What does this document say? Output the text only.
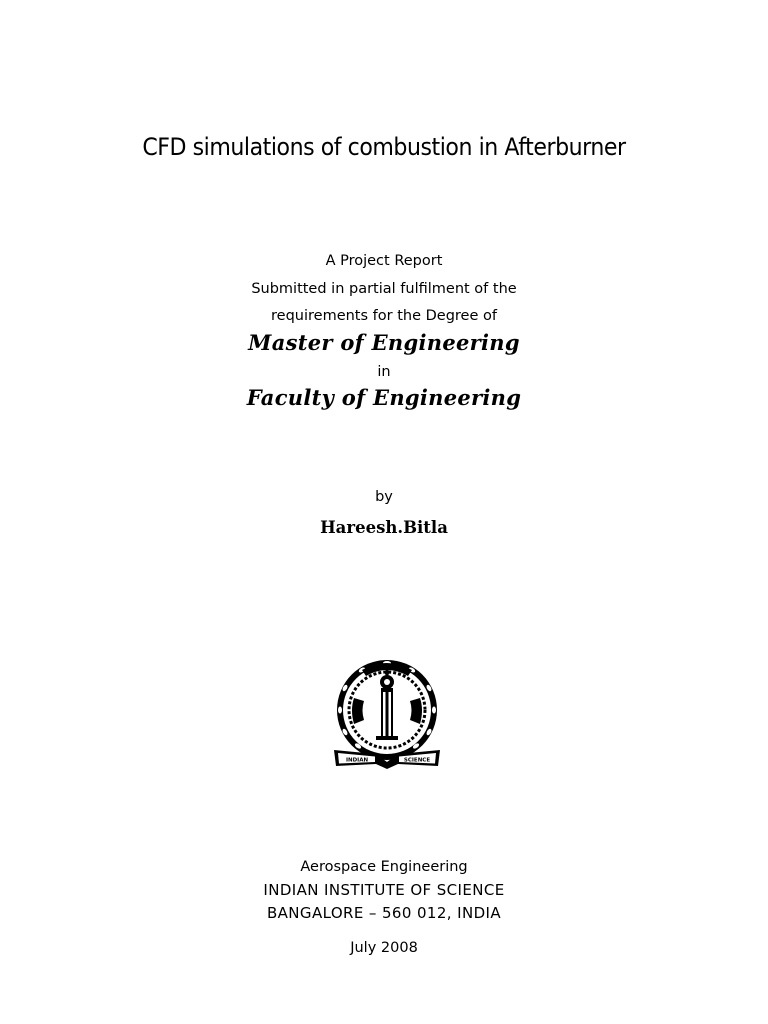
CFD simulations of combustion in Afterburner
A Project Report
Submitted in partial fulfilment of the
requirements for the Degree of
Master of Engineering
in
Faculty of Engineering
by
Hareesh.Bitla
INDIAN	SCIENCE
Aerospace Engineering
INDIAN INSTITUTE OF SCIENCE
BANGALORE – 560 012, INDIA
July 2008
